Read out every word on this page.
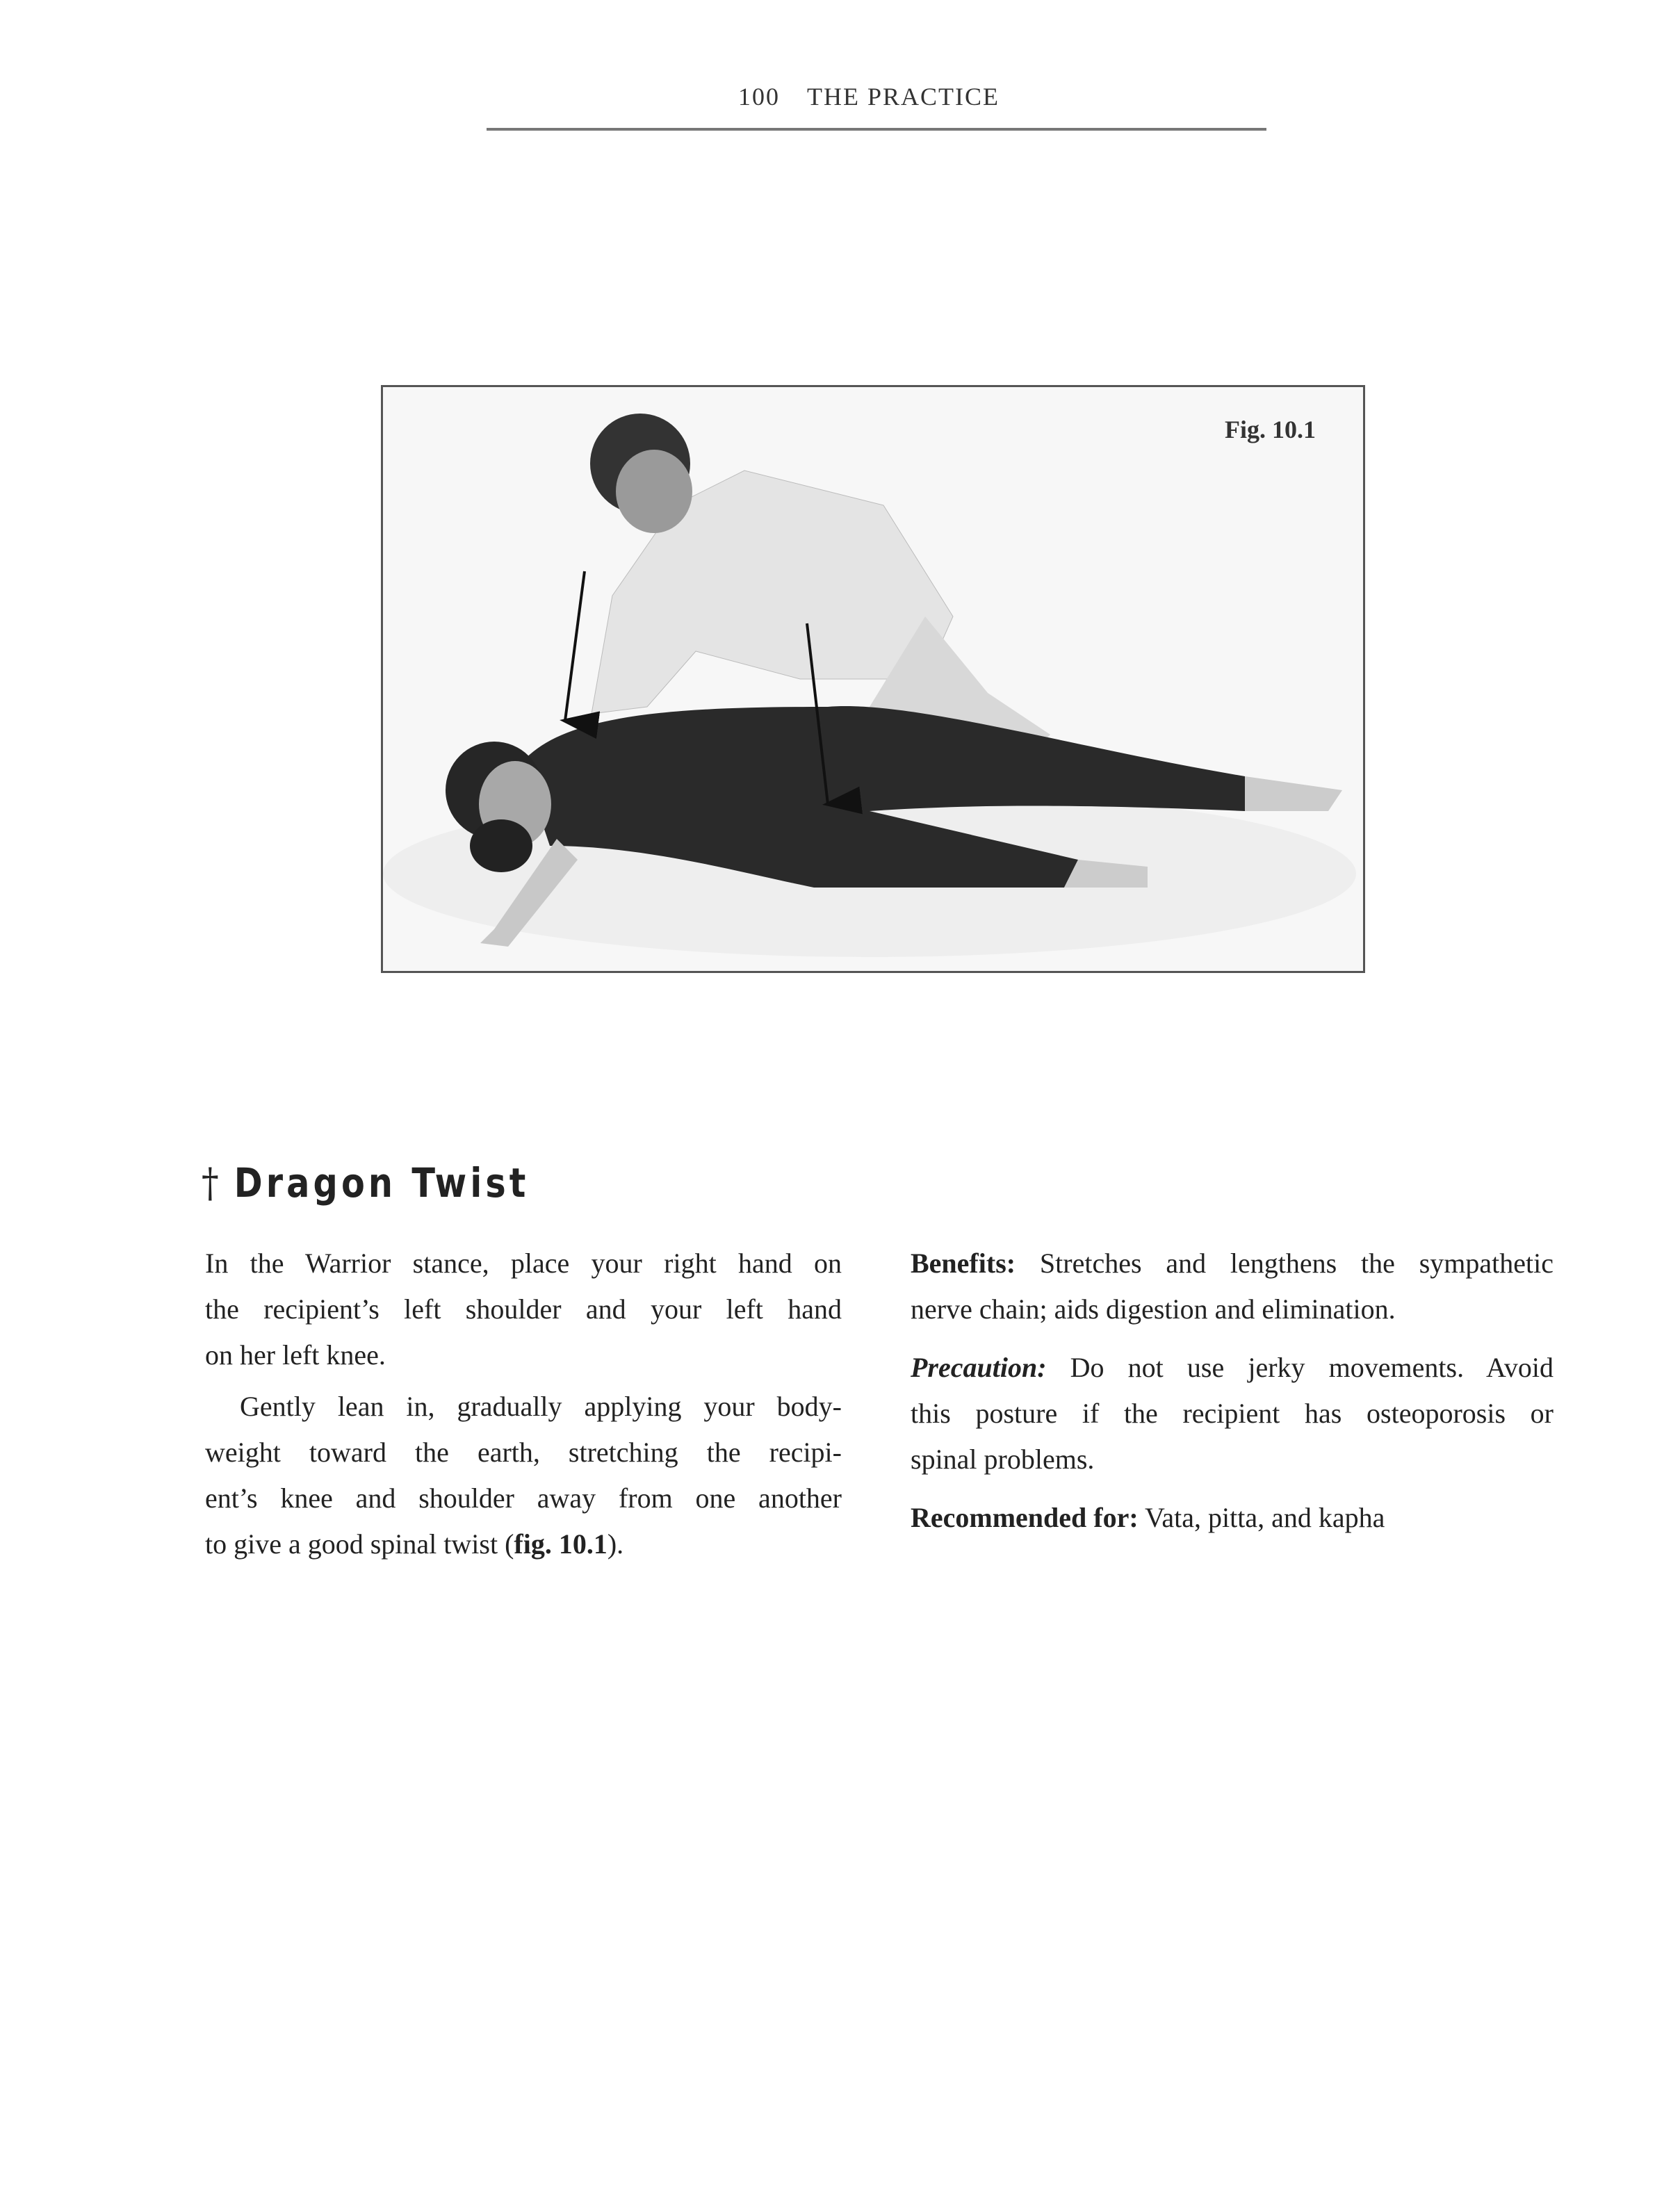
100 THE PRACTICE
Fig. 10.1
† Dragon Twist
In the Warrior stance, place your right hand on
the recipient’s left shoulder and your left hand
on her left knee.
Gently lean in, gradually applying your body-
weight toward the earth, stretching the recipi-
ent’s knee and shoulder away from one another
to give a good spinal twist (fig. 10.1).
Benefits: Stretches and lengthens the sympathetic
nerve chain; aids digestion and elimination.
Precaution: Do not use jerky movements. Avoid
this posture if the recipient has osteoporosis or
spinal problems.
Recommended for: Vata, pitta, and kapha
